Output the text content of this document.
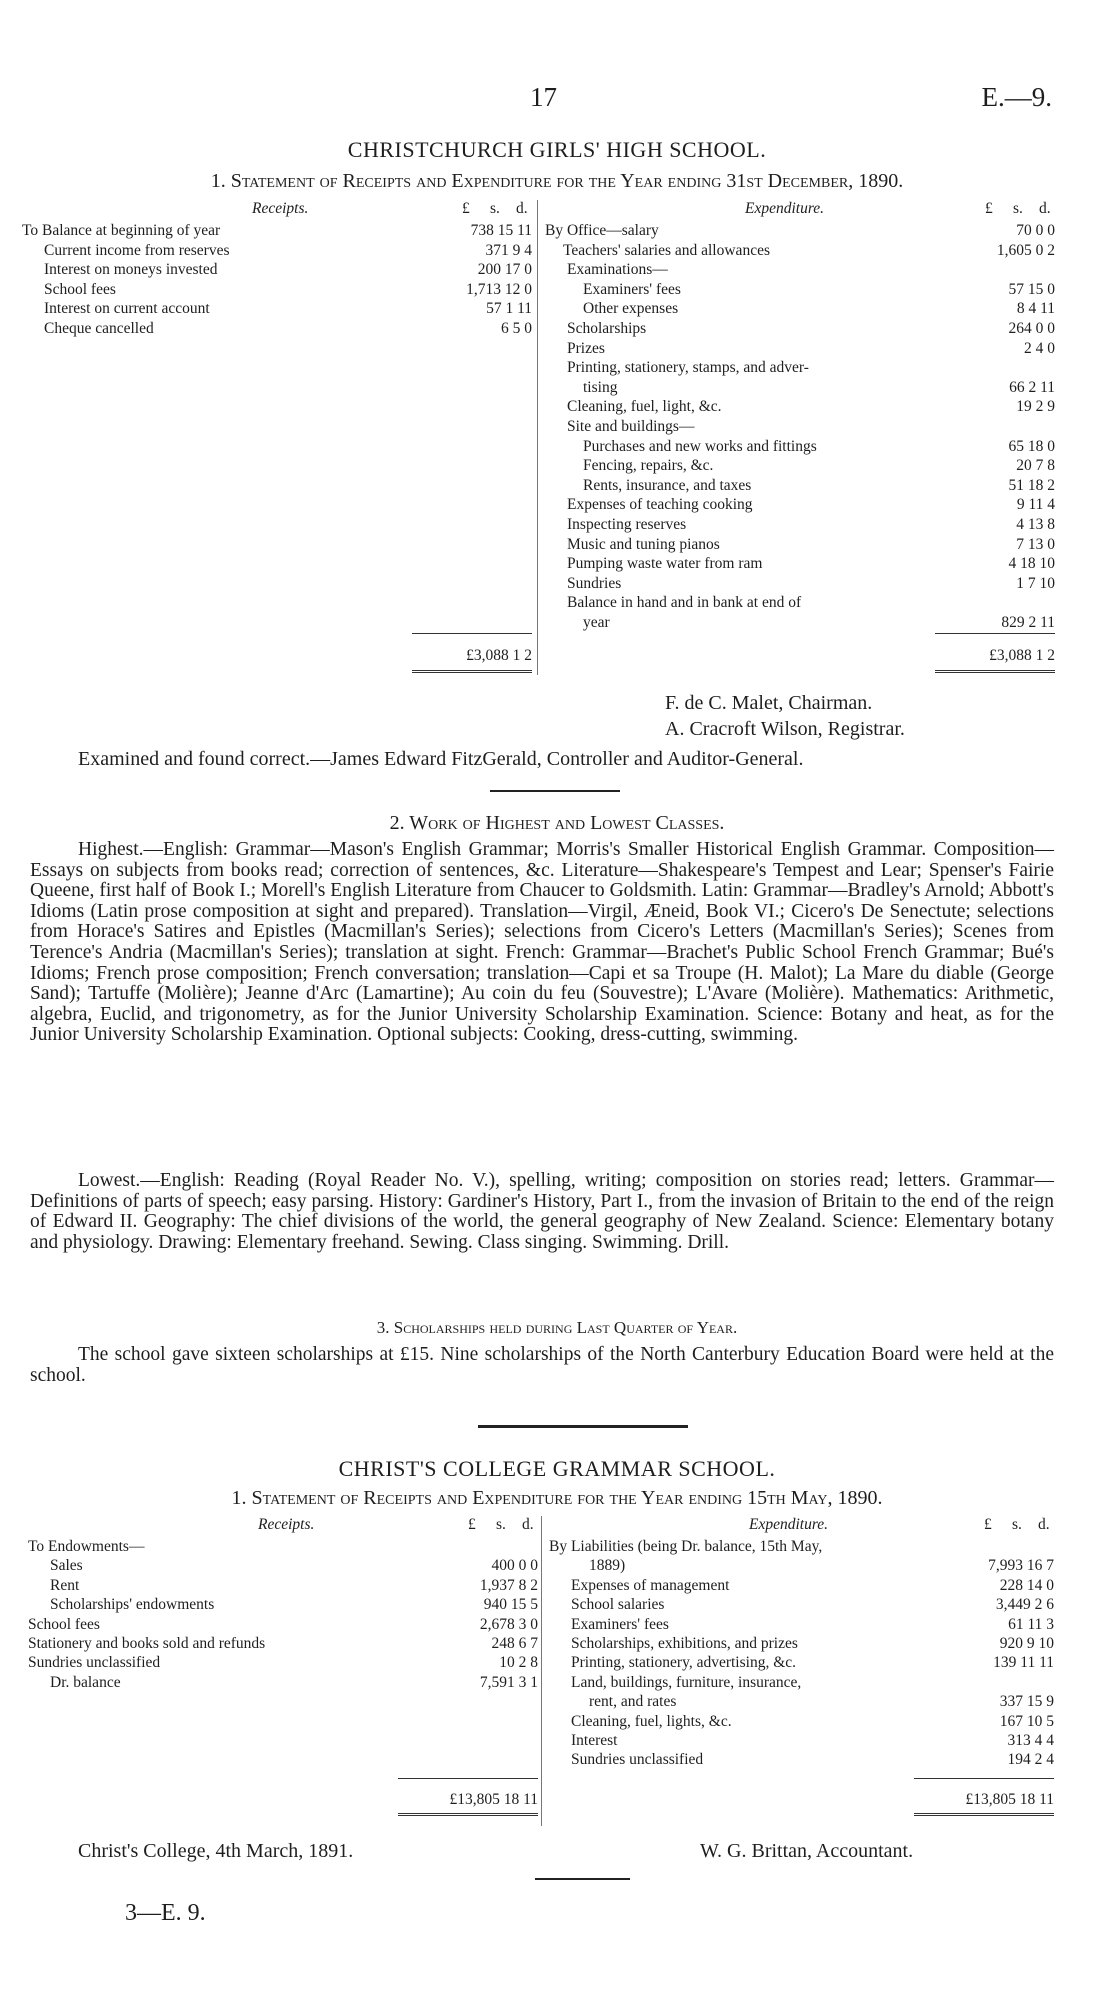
17	E.—9.
CHRISTCHURCH GIRLS' HIGH SCHOOL.
1. Statement of Receipts and Expenditure for the Year ending 31st December, 1890.
Receipts.	£ s. d.
To Balance at beginning of year	738 15 11
Current income from reserves	371 9 4
Interest on moneys invested	200 17 0
School fees	1,713 12 0
Interest on current account	57 1 11
Cheque cancelled	6 5 0
£3,088 1 2
Expenditure.	£ s. d.
By Office—salary	70 0 0
Teachers' salaries and allowances	1,605 0 2
Examinations—
Examiners' fees	57 15 0
Other expenses	8 4 11
Scholarships	264 0 0
Prizes	2 4 0
Printing, stationery, stamps, and adver-
tising	66 2 11
Cleaning, fuel, light, &c.	19 2 9
Site and buildings—
Purchases and new works and fittings	65 18 0
Fencing, repairs, &c.	20 7 8
Rents, insurance, and taxes	51 18 2
Expenses of teaching cooking	9 11 4
Inspecting reserves	4 13 8
Music and tuning pianos	7 13 0
Pumping waste water from ram	4 18 10
Sundries	1 7 10
Balance in hand and in bank at end of
year	829 2 11
£3,088 1 2
F. de C. Malet, Chairman.
A. Cracroft Wilson, Registrar.
Examined and found correct.—James Edward FitzGerald, Controller and Auditor-General.
2. Work of Highest and Lowest Classes.
Highest.—English: Grammar—Mason's English Grammar; Morris's Smaller Historical English Grammar. Composition—Essays on subjects from books read; correction of sentences, &c. Literature—Shakespeare's Tempest and Lear; Spenser's Fairie Queene, first half of Book I.; Morell's English Literature from Chaucer to Goldsmith. Latin: Grammar—Bradley's Arnold; Abbott's Idioms (Latin prose composition at sight and prepared). Translation—Virgil, Æneid, Book VI.; Cicero's De Senectute; selections from Horace's Satires and Epistles (Macmillan's Series); selections from Cicero's Letters (Macmillan's Series); Scenes from Terence's Andria (Macmillan's Series); translation at sight. French: Grammar—Brachet's Public School French Grammar; Bué's Idioms; French prose composition; French conversation; translation—Capi et sa Troupe (H. Malot); La Mare du diable (George Sand); Tartuffe (Molière); Jeanne d'Arc (Lamartine); Au coin du feu (Souvestre); L'Avare (Molière). Mathematics: Arithmetic, algebra, Euclid, and trigonometry, as for the Junior University Scholarship Examination. Science: Botany and heat, as for the Junior University Scholarship Examination. Optional subjects: Cooking, dress-cutting, swimming.
Lowest.—English: Reading (Royal Reader No. V.), spelling, writing; composition on stories read; letters. Grammar—Definitions of parts of speech; easy parsing. History: Gardiner's History, Part I., from the invasion of Britain to the end of the reign of Edward II. Geography: The chief divisions of the world, the general geography of New Zealand. Science: Elementary botany and physiology. Drawing: Elementary freehand. Sewing. Class singing. Swimming. Drill.
3. Scholarships held during Last Quarter of Year.
The school gave sixteen scholarships at £15. Nine scholarships of the North Canterbury Education Board were held at the school.
CHRIST'S COLLEGE GRAMMAR SCHOOL.
1. Statement of Receipts and Expenditure for the Year ending 15th May, 1890.
Receipts.	£ s. d.
To Endowments—
Sales	400 0 0
Rent	1,937 8 2
Scholarships' endowments	940 15 5
School fees	2,678 3 0
Stationery and books sold and refunds	248 6 7
Sundries unclassified	10 2 8
Dr. balance	7,591 3 1
£13,805 18 11
Expenditure.	£ s. d.
By Liabilities (being Dr. balance, 15th May,
1889)	7,993 16 7
Expenses of management	228 14 0
School salaries	3,449 2 6
Examiners' fees	61 11 3
Scholarships, exhibitions, and prizes	920 9 10
Printing, stationery, advertising, &c.	139 11 11
Land, buildings, furniture, insurance,
rent, and rates	337 15 9
Cleaning, fuel, lights, &c.	167 10 5
Interest	313 4 4
Sundries unclassified	194 2 4
£13,805 18 11
Christ's College, 4th March, 1891.	W. G. Brittan, Accountant.
3—E. 9.
